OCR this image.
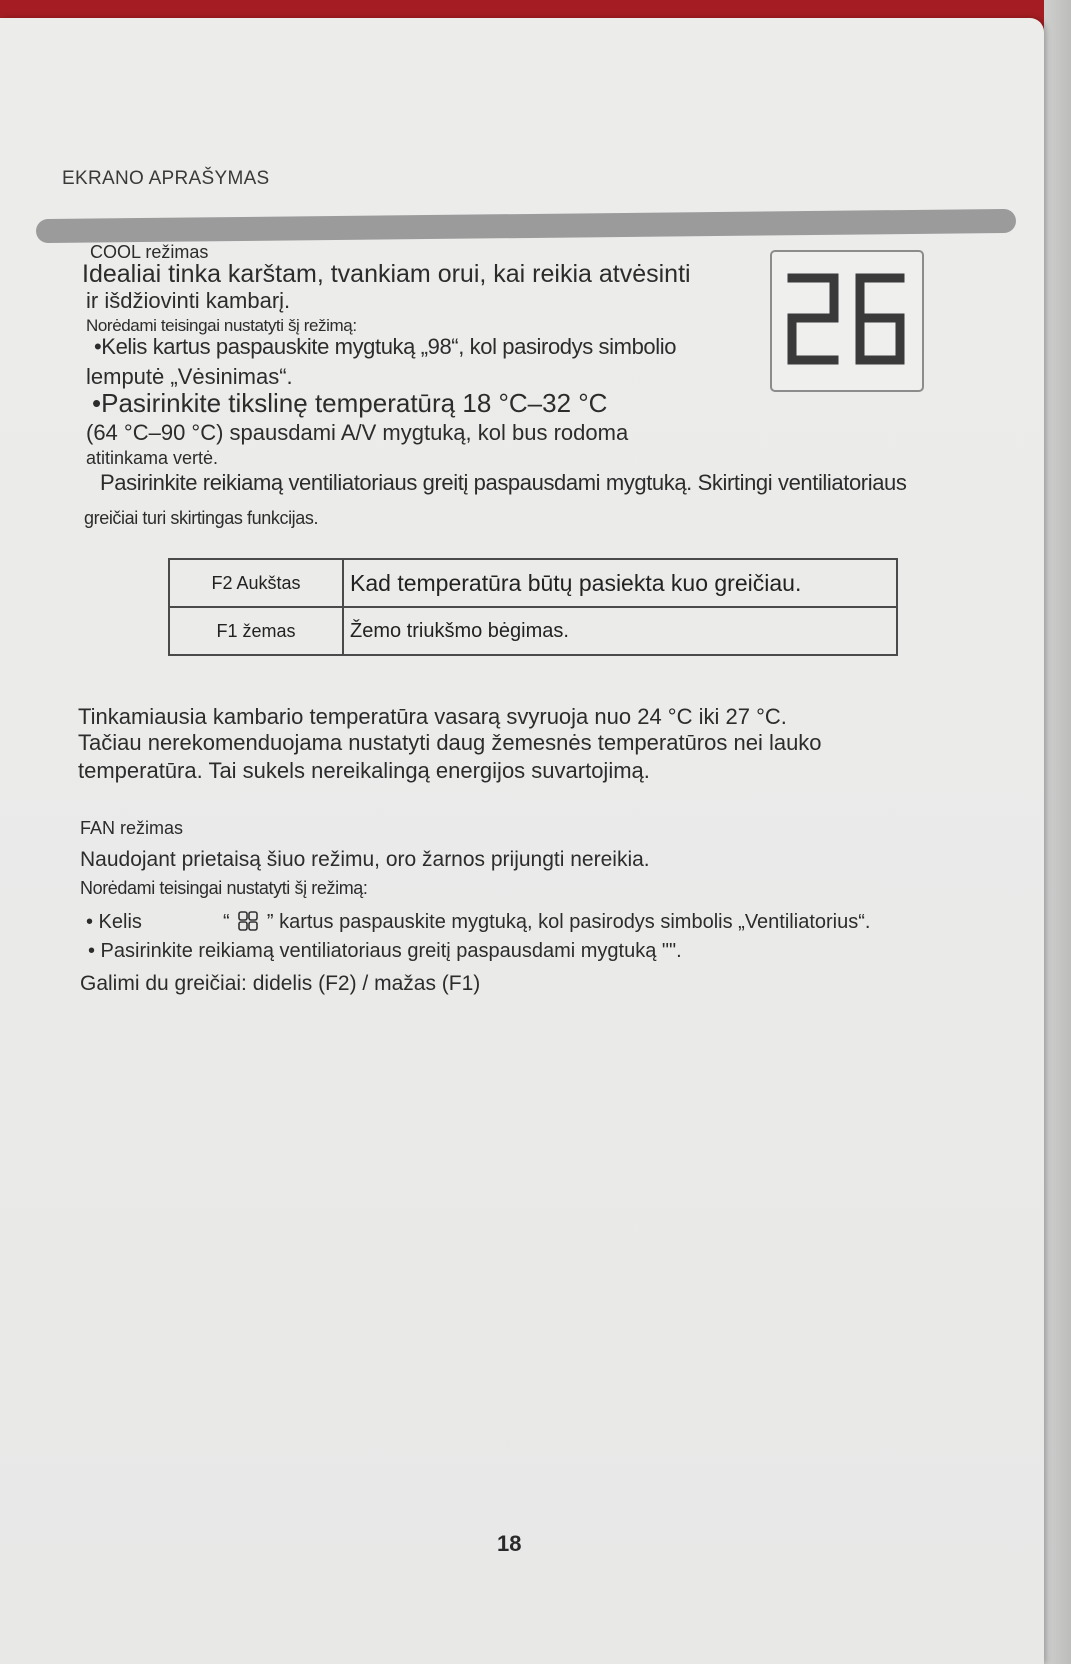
EKRANO APRAŠYMAS
COOL režimas
Idealiai tinka karštam, tvankiam orui, kai reikia atvėsinti
ir išdžiovinti kambarį.
Norėdami teisingai nustatyti šį režimą:
•Kelis kartus paspauskite mygtuką „98“, kol pasirodys simbolio
lemputė „Vėsinimas“.
•Pasirinkite tikslinę temperatūrą 18 °C–32 °C
(64 °C–90 °C) spausdami A/V mygtuką, kol bus rodoma
atitinkama vertė.
Pasirinkite reikiamą ventiliatoriaus greitį paspausdami mygtuką. Skirtingi ventiliatoriaus
greičiai turi skirtingas funkcijas.
F2 Aukštas	Kad temperatūra būtų pasiekta kuo greičiau.
F1 žemas	Žemo triukšmo bėgimas.
Tinkamiausia kambario temperatūra vasarą svyruoja nuo 24 °C iki 27 °C.
Tačiau nerekomenduojama nustatyti daug žemesnės temperatūros nei lauko
temperatūra. Tai sukels nereikalingą energijos suvartojimą.
FAN režimas
Naudojant prietaisą šiuo režimu, oro žarnos prijungti nereikia.
Norėdami teisingai nustatyti šį režimą:
• Kelis	“ ” kartus paspauskite mygtuką, kol pasirodys simbolis „Ventiliatorius“.
• Pasirinkite reikiamą ventiliatoriaus greitį paspausdami mygtuką "".
Galimi du greičiai: didelis (F2) / mažas (F1)
18
